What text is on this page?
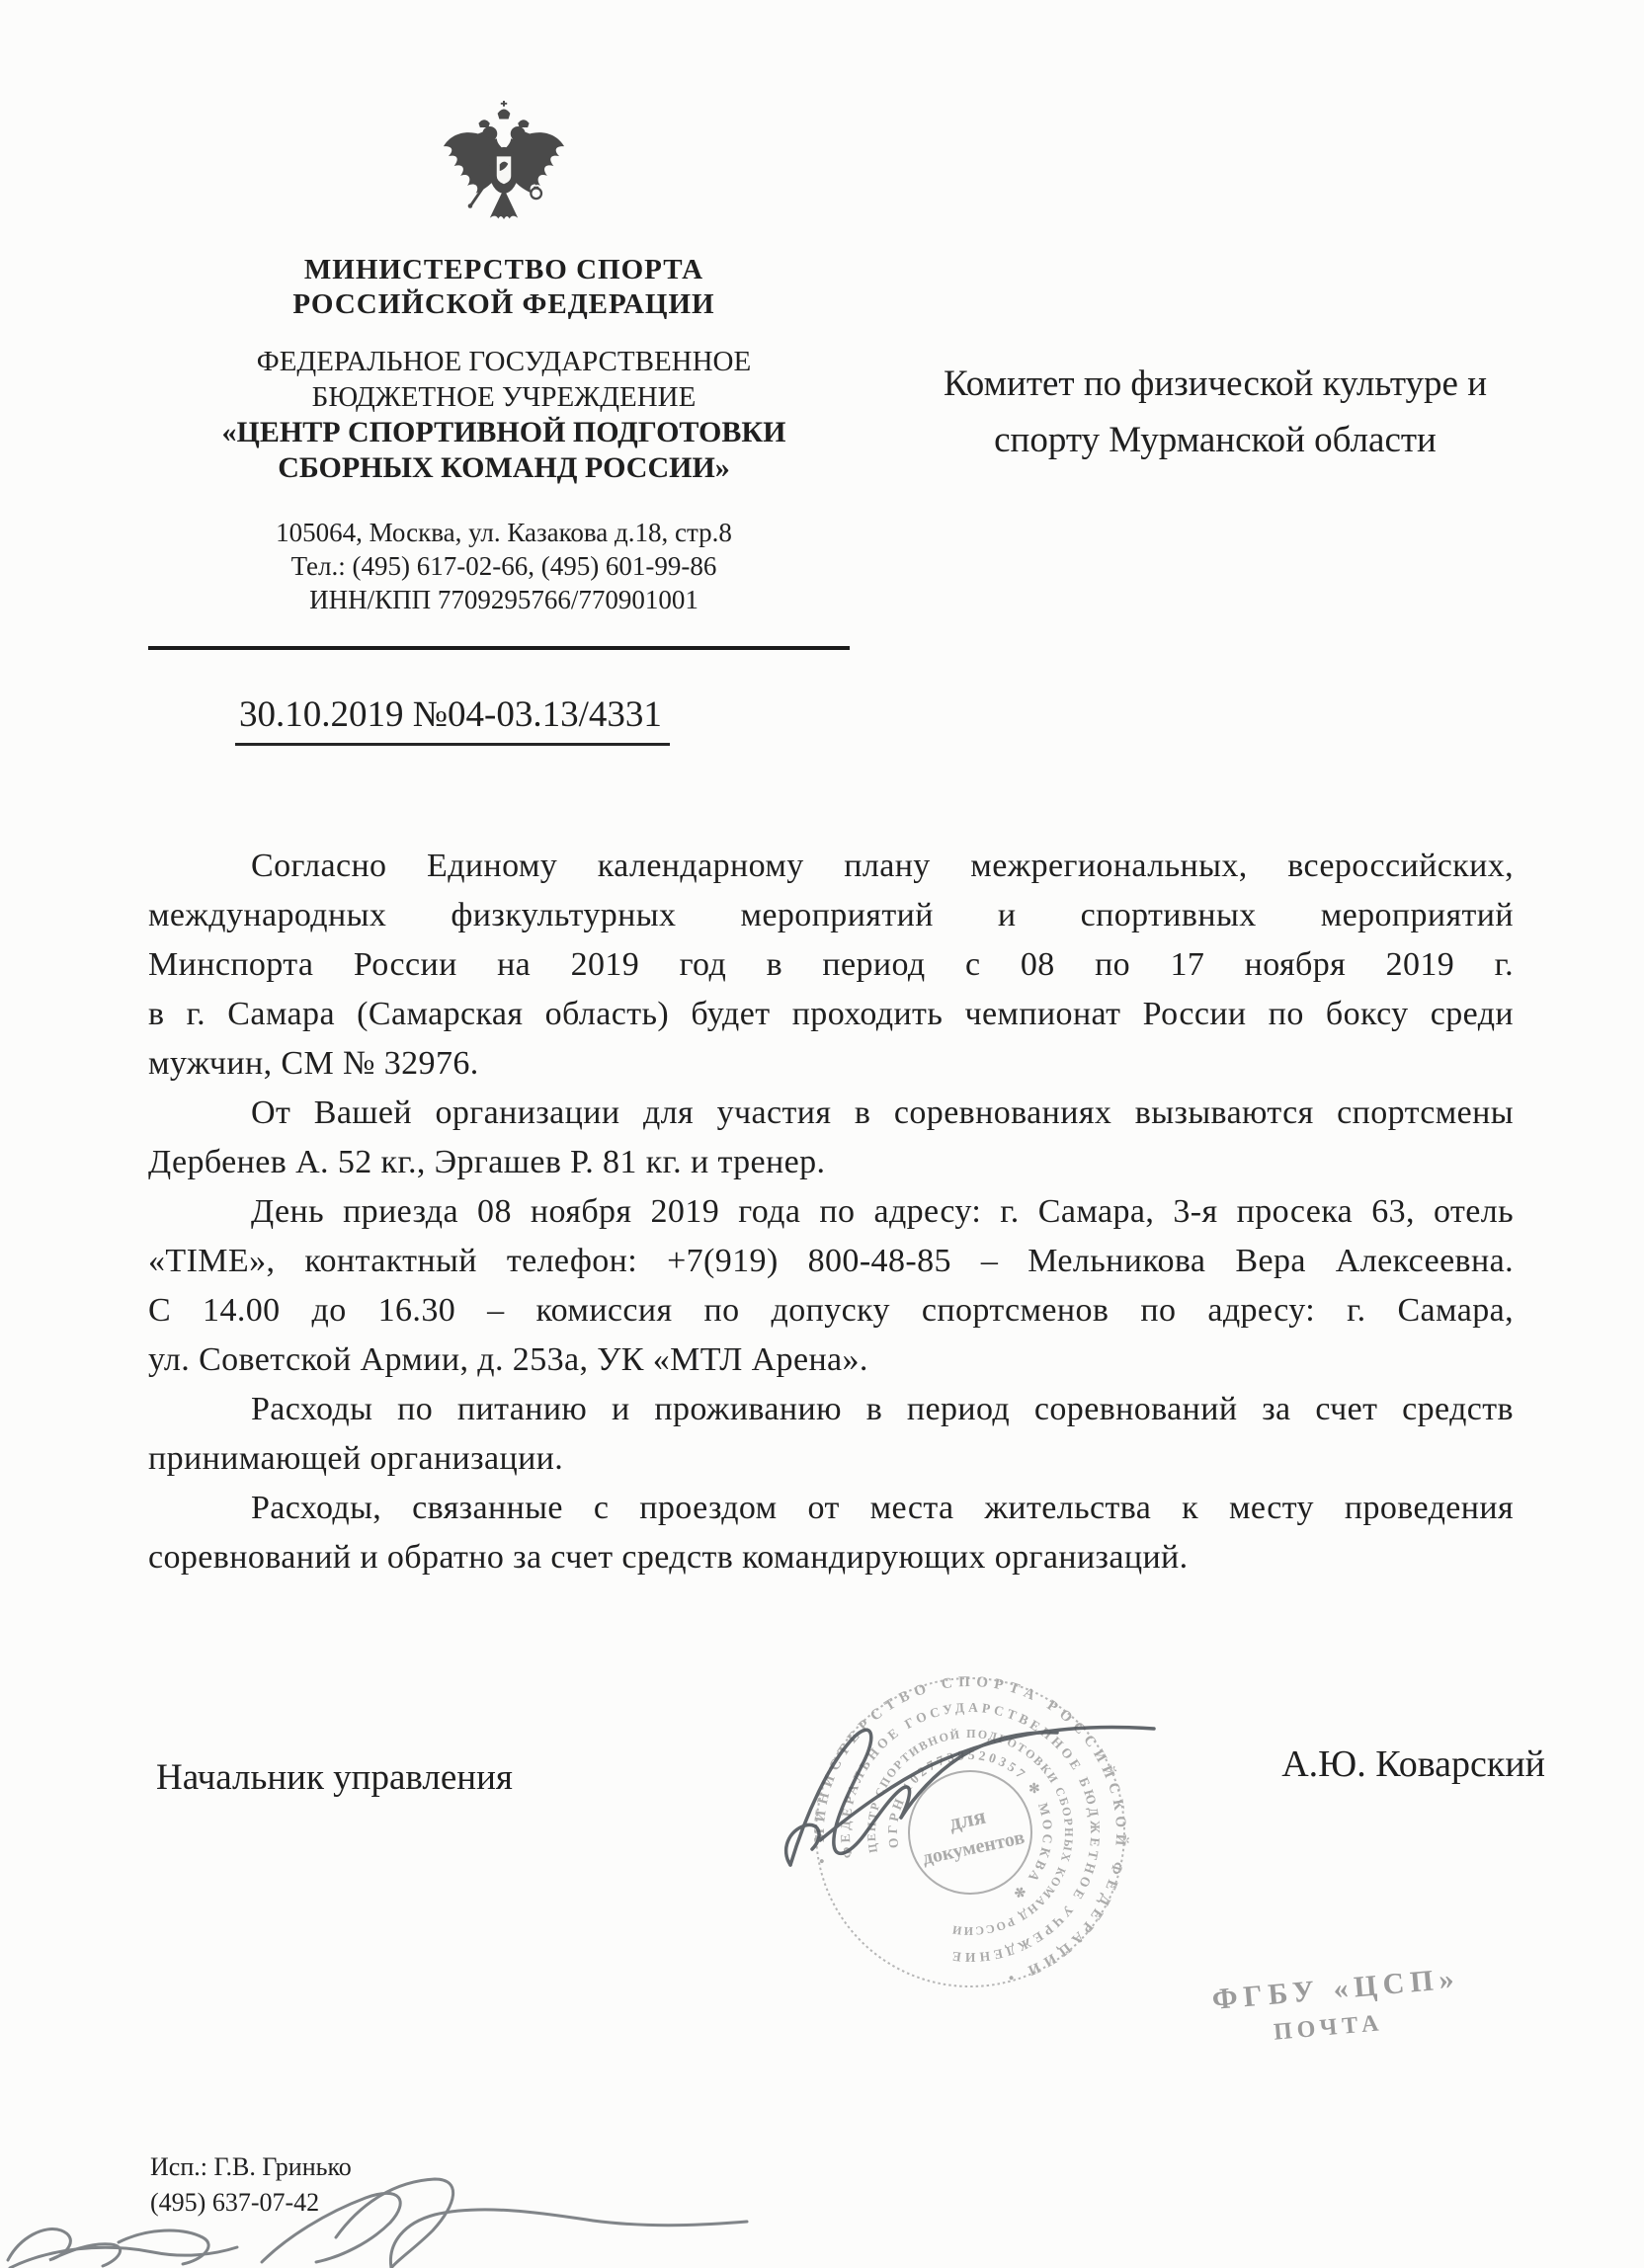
МИНИСТЕРСТВО СПОРТА
РОССИЙСКОЙ ФЕДЕРАЦИИ
ФЕДЕРАЛЬНОЕ ГОСУДАРСТВЕННОЕ
БЮДЖЕТНОЕ УЧРЕЖДЕНИЕ
«ЦЕНТР СПОРТИВНОЙ ПОДГОТОВКИ
СБОРНЫХ КОМАНД РОССИИ»
105064, Москва, ул. Казакова д.18, стр.8
Тел.: (495) 617-02-66, (495) 601-99-86
ИНН/КПП 7709295766/770901001
Комитет по физической культуре и
спорту Мурманской области
30.10.2019 №04-03.13/4331
Согласно Единому календарному плану межрегиональных, всероссийских,
международных физкультурных мероприятий и спортивных мероприятий
Минспорта России на 2019 год в период с 08 по 17 ноября 2019 г.
в г. Самара (Самарская область) будет проходить чемпионат России по боксу среди
мужчин, СМ № 32976.
От Вашей организации для участия в соревнованиях вызываются спортсмены
Дербенев А. 52 кг., Эргашев Р. 81 кг. и тренер.
День приезда 08 ноября 2019 года по адресу: г. Самара, 3-я просека 63, отель
«TIME», контактный телефон: +7(919) 800-48-85 – Мельникова Вера Алексеевна.
С 14.00 до 16.30 – комиссия по допуску спортсменов по адресу: г. Самара,
ул. Советской Армии, д. 253а, УК «МТЛ Арена».
Расходы по питанию и проживанию в период соревнований за счет средств
принимающей организации.
Расходы, связанные с проездом от места жительства к месту проведения
соревнований и обратно за счет средств командирующих организаций.
Начальник управления	А.Ю. Коварский
• МИНИСТЕРСТВО СПОРТА РОССИЙСКОЙ ФЕДЕРАЦИИ •
ФЕДЕРАЛЬНОЕ ГОСУДАРСТВЕННОЕ БЮДЖЕТНОЕ УЧРЕЖДЕНИЕ
ЦЕНТР СПОРТИВНОЙ ПОДГОТОВКИ СБОРНЫХ КОМАНД РОССИИ
ОГРН 1027739520357 ✻ МОСКВА ✻
для
документов
ФГБУ «ЦСП»
ПОЧТА
Исп.: Г.В. Гринько
(495) 637-07-42
